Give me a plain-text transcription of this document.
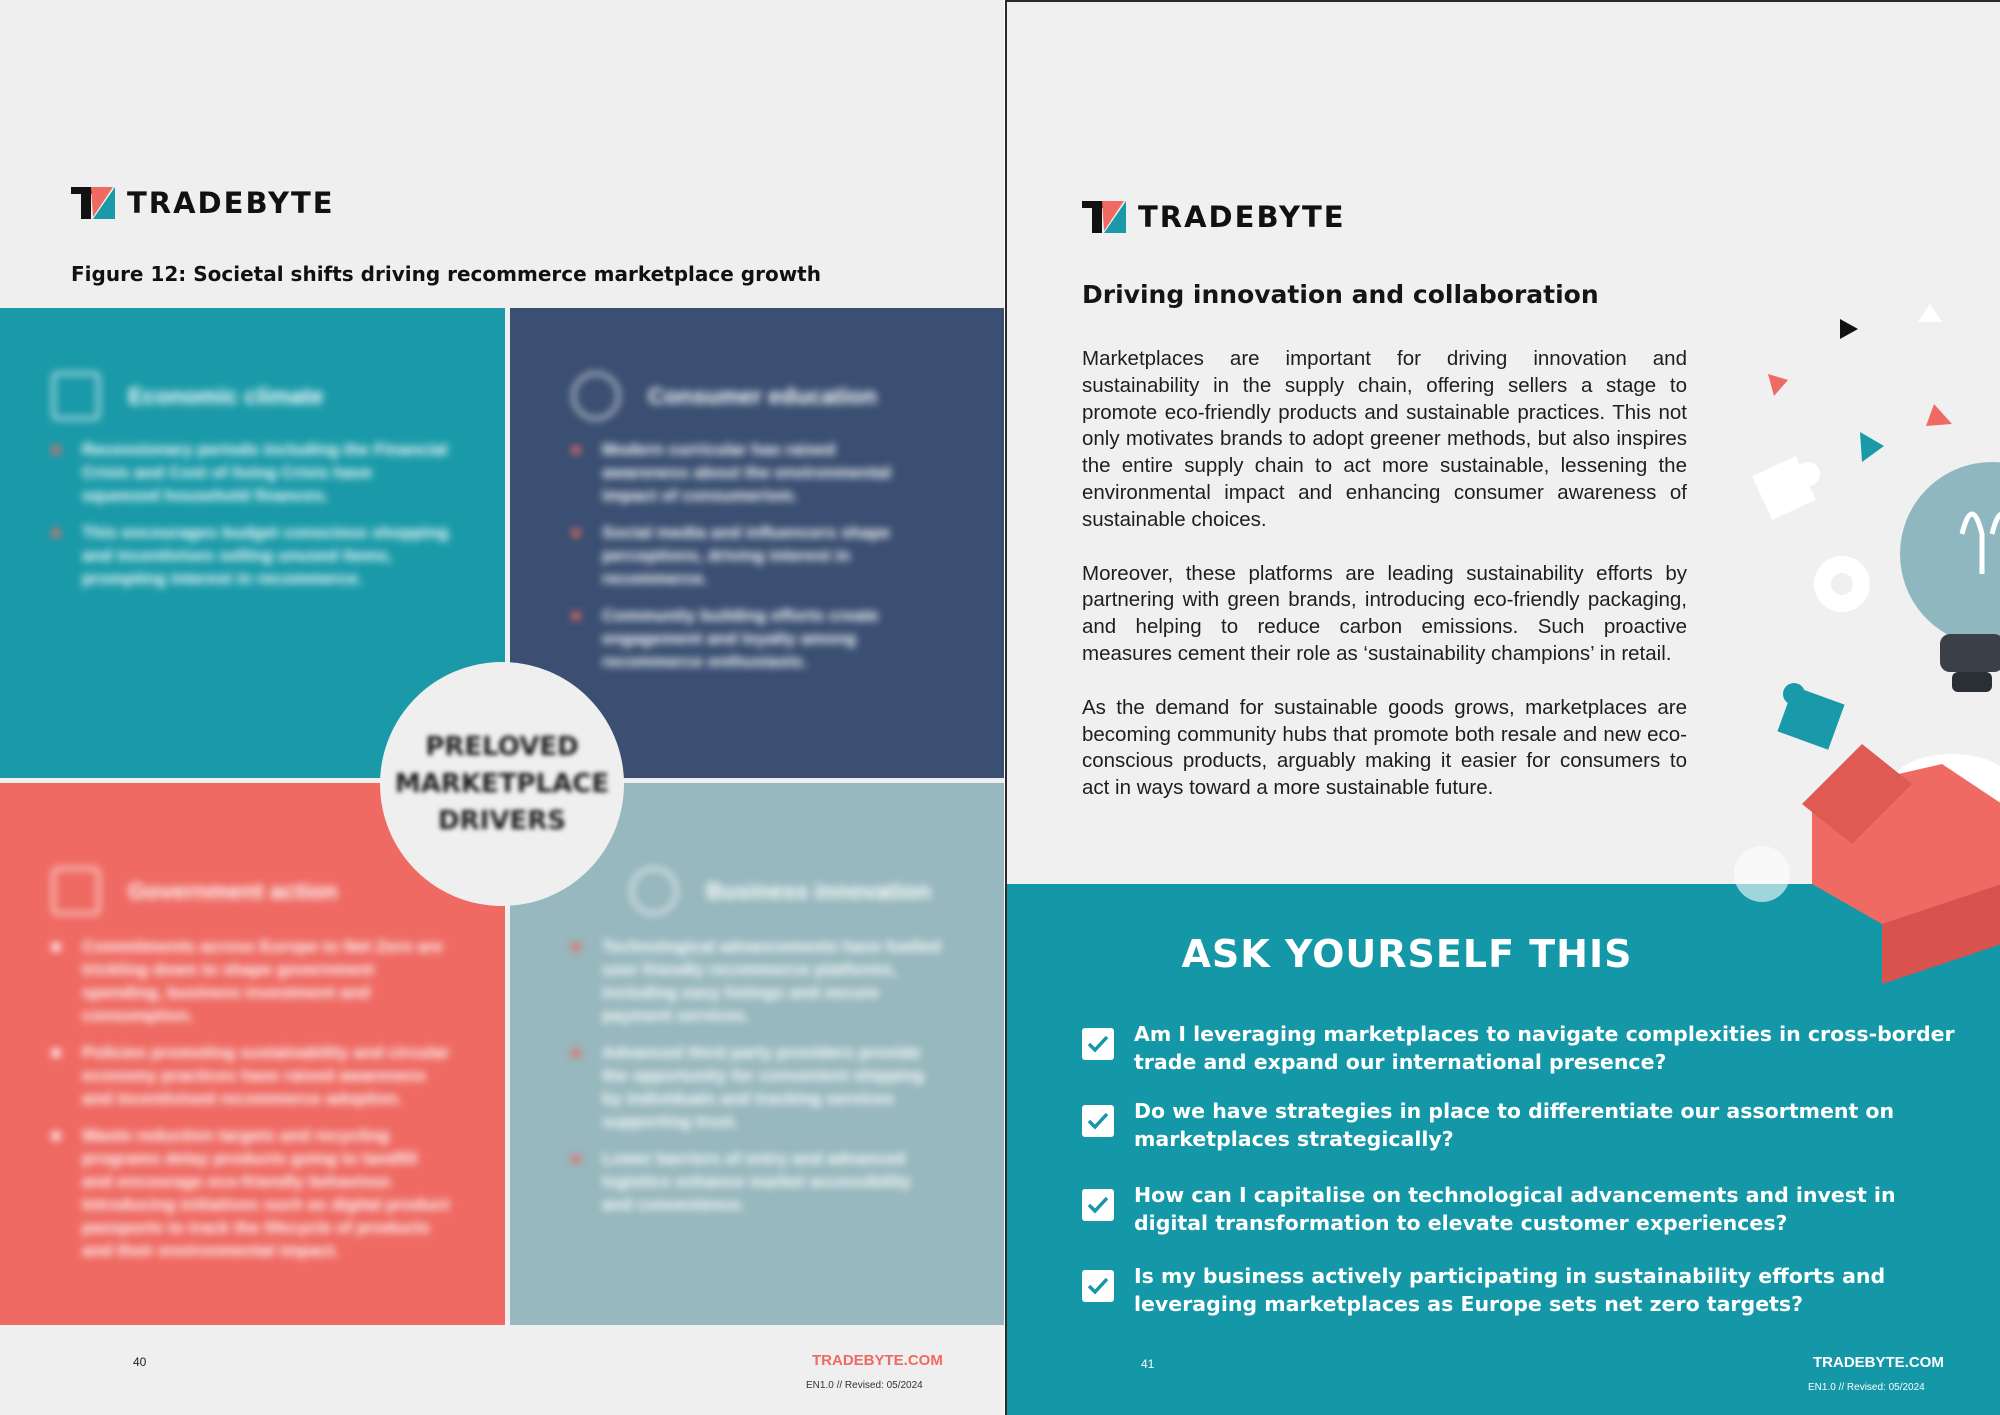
TRADEBYTE
Figure 12: Societal shifts driving recommerce marketplace growth
Economic climate
Recessionary periods including the Financial Crisis and Cost of living Crisis have squeezed household finances.
This encourages budget conscious shopping and incentivises selling unused items, prompting interest in recommerce.
Consumer education
Modern curricular has raised awareness about the environmental impact of consumerism.
Social media and influencers shape perceptions, driving interest in recommerce.
Community building efforts create engagement and loyalty among recommerce enthusiasts.
Government action
Commitments across Europe to Net Zero are trickling down to shape government spending, business investment and consumption.
Policies promoting sustainability and circular economy practices have raised awareness and incentivised recommerce adoption.
Waste reduction targets and recycling programs delay products going to landfill and encourage eco-friendly behaviour. Introducing initiatives such as digital product passports to track the lifecycle of products and their environmental impact.
Business innovation
Technological advancements have fuelled user friendly recommerce platforms, including easy listings and secure payment services.
Advanced third party providers provide the opportunity for convenient shipping by individuals and tracking services supporting trust.
Lower barriers of entry and advanced logistics enhance market accessibility and convenience.
PRELOVED
MARKETPLACE
DRIVERS
40	TRADEBYTE.COM
EN1.0 // Revised: 05/2024
TRADEBYTE
Driving innovation and collaboration

Marketplaces are important for driving innovation and sustainability in the supply chain, offering sellers a stage to promote eco-friendly products and sustainable practices. This not only motivates brands to adopt greener methods, but also inspires the entire supply chain to act more sustainable, lessening the environmental impact and enhancing consumer awareness of sustainable choices.

Moreover, these platforms are leading sustainability efforts by partnering with green brands, introducing eco-friendly packaging, and helping to reduce carbon emissions. Such proactive measures cement their role as ‘sustainability champions’ in retail.

As the demand for sustainable goods grows, marketplaces are becoming community hubs that promote both resale and new eco-conscious products, arguably making it easier for consumers to act in ways toward a more sustainable future.

ASK YOURSELF THIS
Am I leveraging marketplaces to navigate complexities in cross-border trade and expand our international presence?
Do we have strategies in place to differentiate our assortment on marketplaces strategically?
How can I capitalise on technological advancements and invest in digital transformation to elevate customer experiences?
Is my business actively participating in sustainability efforts and leveraging marketplaces as Europe sets net zero targets?
41	TRADEBYTE.COM
EN1.0 // Revised: 05/2024
